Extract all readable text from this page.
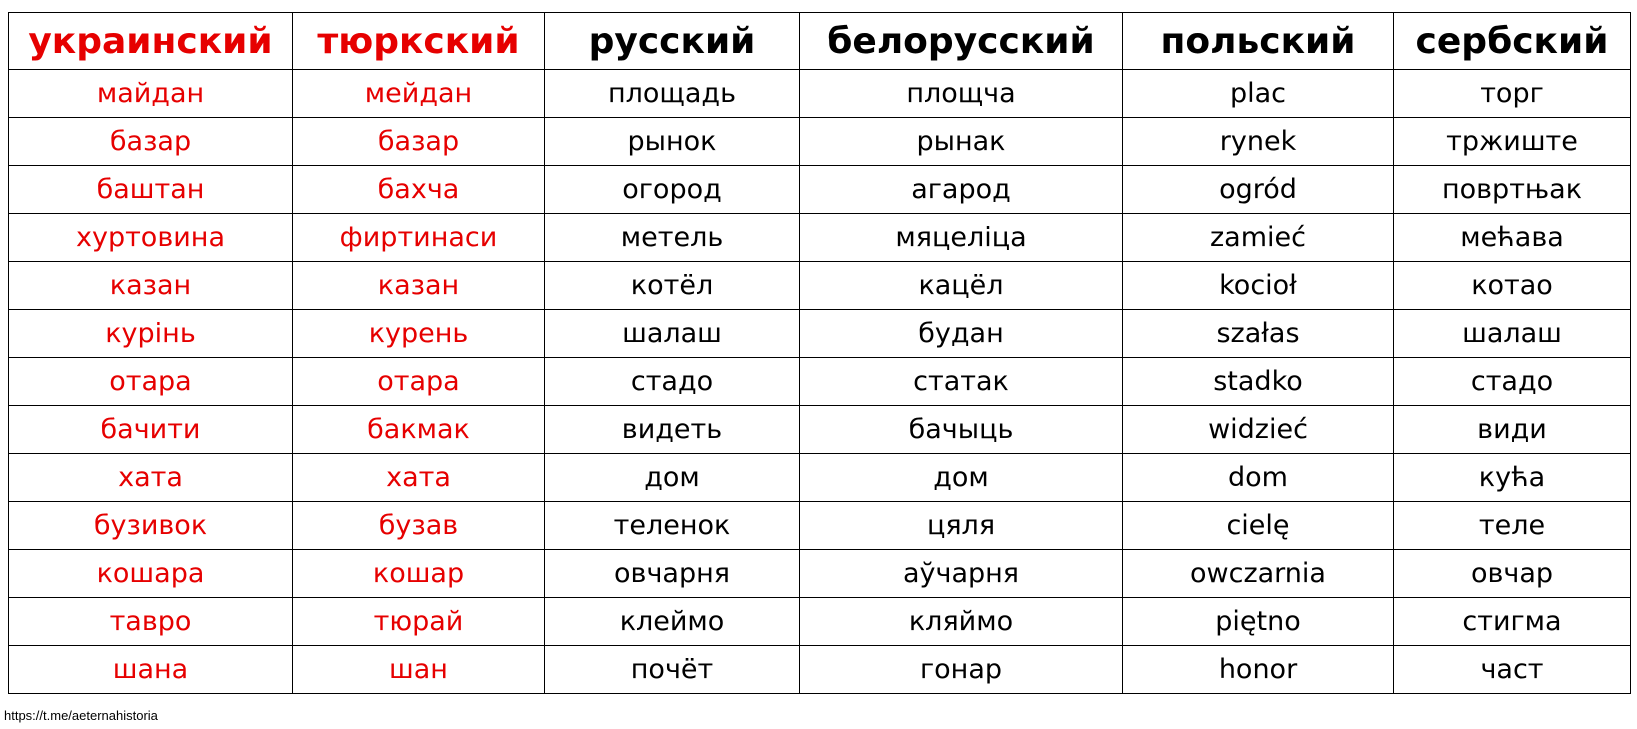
украинский	тюркский	русский	белорусский	польский	сербский
майдан	мейдан	площадь	площча	plac	торг
базар	базар	рынок	рынак	rynek	тржиште
баштан	бахча	огород	агарод	ogród	повртњак
хуртовина	фиртинаси	метель	мяцеліца	zamieć	мећава
казан	казан	котёл	кацёл	kocioł	котао
курінь	курень	шалаш	будан	szałas	шалаш
отара	отара	стадо	статак	stadko	стадо
бачити	бакмак	видеть	бачыць	widzieć	види
хата	хата	дом	дом	dom	кућа
бузивок	бузав	теленок	цяля	cielę	теле
кошара	кошар	овчарня	аўчарня	owczarnia	овчар
тавро	тюрай	клеймо	кляймо	piętno	стигма
шана	шан	почёт	гонар	honor	част
https://t.me/aeternahistoria
